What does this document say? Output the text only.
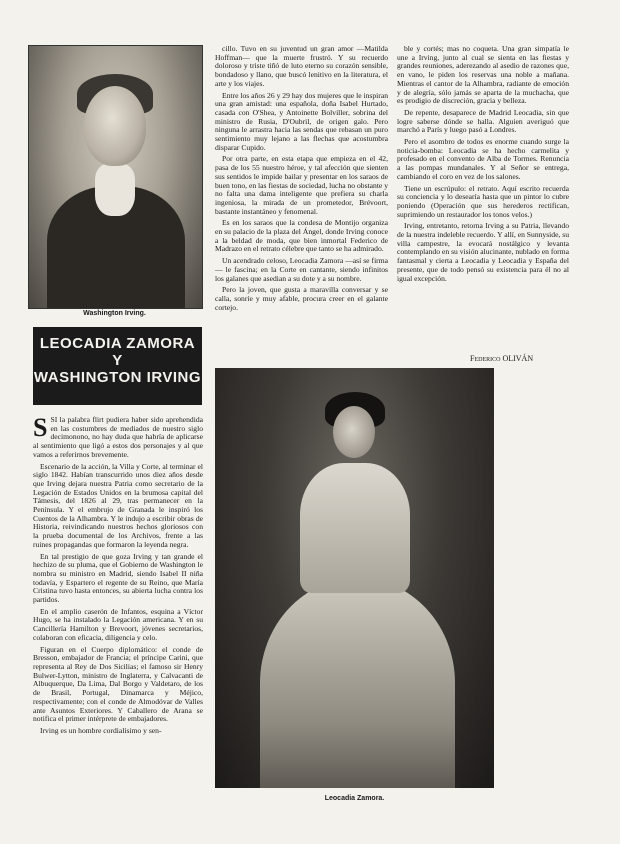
Washington Irving.
LEOCADIA ZAMORA
Y
WASHINGTON IRVING

SSI la palabra flirt pudiera haber sido aprehendida en las costumbres de mediados de nuestro siglo decimonono, no hay duda que habría de aplicarse al sentimiento que ligó a estos dos personajes y al que vamos a referirnos brevemente.

Escenario de la acción, la Villa y Corte, al terminar el siglo 1842. Habían transcurrido unos diez años desde que Irving dejara nuestra Patria como secretario de la Legación de Estados Unidos en la brumosa capital del Támesis, del 1826 al 29, tras permanecer en la Península. Y el embrujo de Granada le inspiró los Cuentos de la Alhambra. Y le indujo a escribir obras de Historia, reivindicando nuestros hechos gloriosos con la prueba documental de los Archivos, frente a las ruines propagandas que formaron la leyenda negra.

En tal prestigio de que goza Irving y tan grande el hechizo de su pluma, que el Gobierno de Washington le nombra su ministro en Madrid, siendo Isabel II niña todavía, y Espartero el regente de su Reino, que María Cristina tuvo hasta entonces, su abierta lucha contra los partidos.

En el amplio caserón de Infantos, esquina a Víctor Hugo, se ha instalado la Legación americana. Y en su Cancillería Hamilton y Brevoort, jóvenes secretarios, colaboran con eficacia, diligencia y celo.

Figuran en el Cuerpo diplomático: el conde de Bresson, embajador de Francia; el príncipe Carini, que representa al Rey de Dos Sicilias; el famoso sir Henry Bulwer-Lytton, ministro de Inglaterra, y Calvacanti de Albuquerque, Da Lima, Dal Borgo y Valdetaro, de los de Brasil, Portugal, Dinamarca y Méjico, respectivamente; con el conde de Almodóvar de Valles ante Asuntos Exteriores. Y Caballero de Arana se notifica el primer intérprete de embajadores.

Irving es un hombre cordialísimo y sen-

cillo. Tuvo en su juventud un gran amor —Matilda Hoffman— que la muerte frustró. Y su recuerdo doloroso y triste tiñó de luto eterno su corazón sensible, bondadoso y llano, que buscó lenitivo en la literatura, el arte y los viajes.

Entre los años 26 y 29 hay dos mujeres que le inspiran una gran amistad: una española, doña Isabel Hurtado, casada con O'Shea, y Antoinette Bolviller, sobrina del ministro de Rusia, D'Oubril, de origen galo. Pero ninguna le arrastra hacia las sendas que rebasan un puro sentimiento muy lejano a las flechas que acostumbra disparar Cupido.

Por otra parte, en esta etapa que empieza en el 42, pasa de los 55 nuestro héroe, y tal afección que sienten sus sentidos le impide bailar y presentar en los saraos de buen tono, en las fiestas de sociedad, lucha no obstante y no falta una dama inteligente que prefiera su charla ingeniosa, la mirada de un prometedor, Brévoort, bastante instantáneo y fenomenal.

Es en los saraos que la condesa de Montijo organiza en su palacio de la plaza del Ángel, donde Irving conoce a la beldad de moda, que bien inmortal Federico de Madrazo en el retrato célebre que tanto se ha admirado.

Un acendrado celoso, Leocadia Zamora —así se firma— le fascina; en la Corte en cantante, siendo infinitos los galanes que asedian a su dote y a su nombre.

Pero la joven, que gusta a maravilla conversar y se calla, sonríe y muy afable, procura creer en el galante cortejo.

ble y cortés; mas no coqueta. Una gran simpatía le une a Irving, junto al cual se sienta en las fiestas y grandes reuniones, aderezando al asedio de razones que, en vano, le piden los reservas una noble a mañana. Mientras el cantor de la Alhambra, radiante de emoción y de alegría, sólo jamás se aparta de la muchacha, que es prodigio de discreción, gracia y belleza.

De repente, desaparece de Madrid Leocadia, sin que logre saberse dónde se halla. Alguien averiguó que marchó a París y luego pasó a Londres.

Pero el asombro de todos es enorme cuando surge la noticia-bomba: Leocadia se ha hecho carmelita y profesado en el convento de Alba de Tormes. Renuncia a las pompas mundanales. Y al Señor se entrega, cambiando el coro en vez de los salones.

Tiene un escrúpulo: el retrato. Aquí escrito recuerda su conciencia y lo desearía hasta que un pintor lo cubre poniendo (Operación que sus herederos rectifican, suprimiendo un restaurador los tonos velos.)

Irving, entretanto, retorna Irving a su Patria, llevando de la nuestra indeleble recuerdo. Y allí, en Sunnyside, su villa campestre, la evocará nostálgico y levanta contemplando en su visión alucinante, nublado en forma fantasmal y cierta a Leocadia y Leocadia y España del presente, que de todo pensó su existencia para él no al igual excepción.

Federico OLIVÁN
Leocadia Zamora.
